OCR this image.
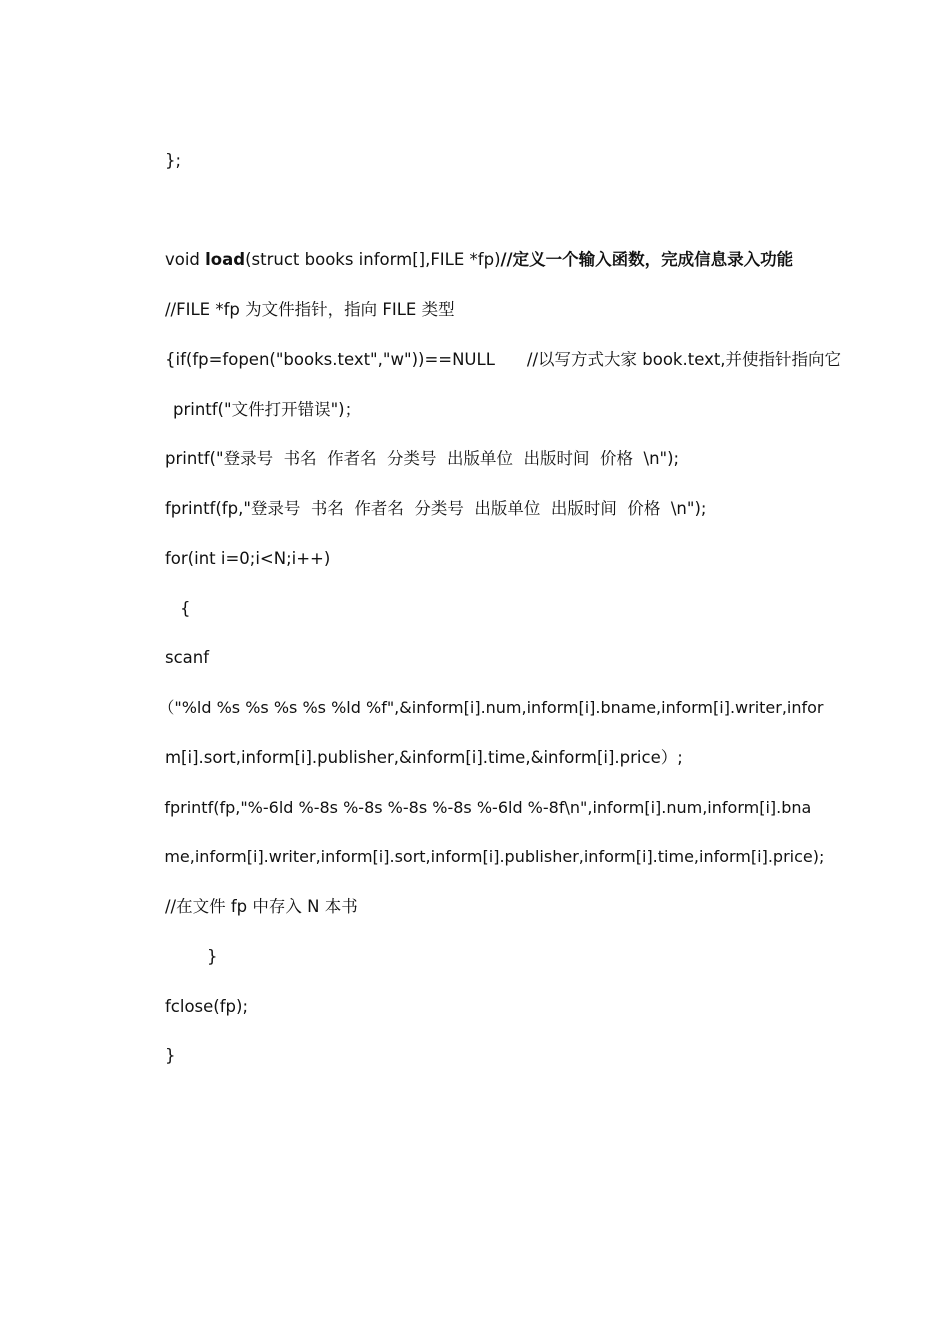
};

void load(struct books inform[],FILE *fp)//定义一个输入函数，完成信息录入功能

//FILE *fp 为文件指针，指向 FILE 类型

{if(fp=fopen("books.text","w"))==NULL //以写方式大家 book.text,并使指针指向它

printf("文件打开错误")；

printf("登录号  书名  作者名  分类号  出版单位  出版时间  价格  \n");

fprintf(fp,"登录号  书名  作者名  分类号  出版单位  出版时间  价格  \n");

for(int i=0;i<N;i++)

{

scanf

（"%ld %s %s %s %s %ld %f",&inform[i].num,inform[i].bname,inform[i].writer,infor

m[i].sort,inform[i].publisher,&inform[i].time,&inform[i].price）;

fprintf(fp,"%-6ld %-8s %-8s %-8s %-8s %-6ld %-8f\n",inform[i].num,inform[i].bna

me,inform[i].writer,inform[i].sort,inform[i].publisher,inform[i].time,inform[i].price);

//在文件 fp 中存入 N 本书

}

fclose(fp);

}
